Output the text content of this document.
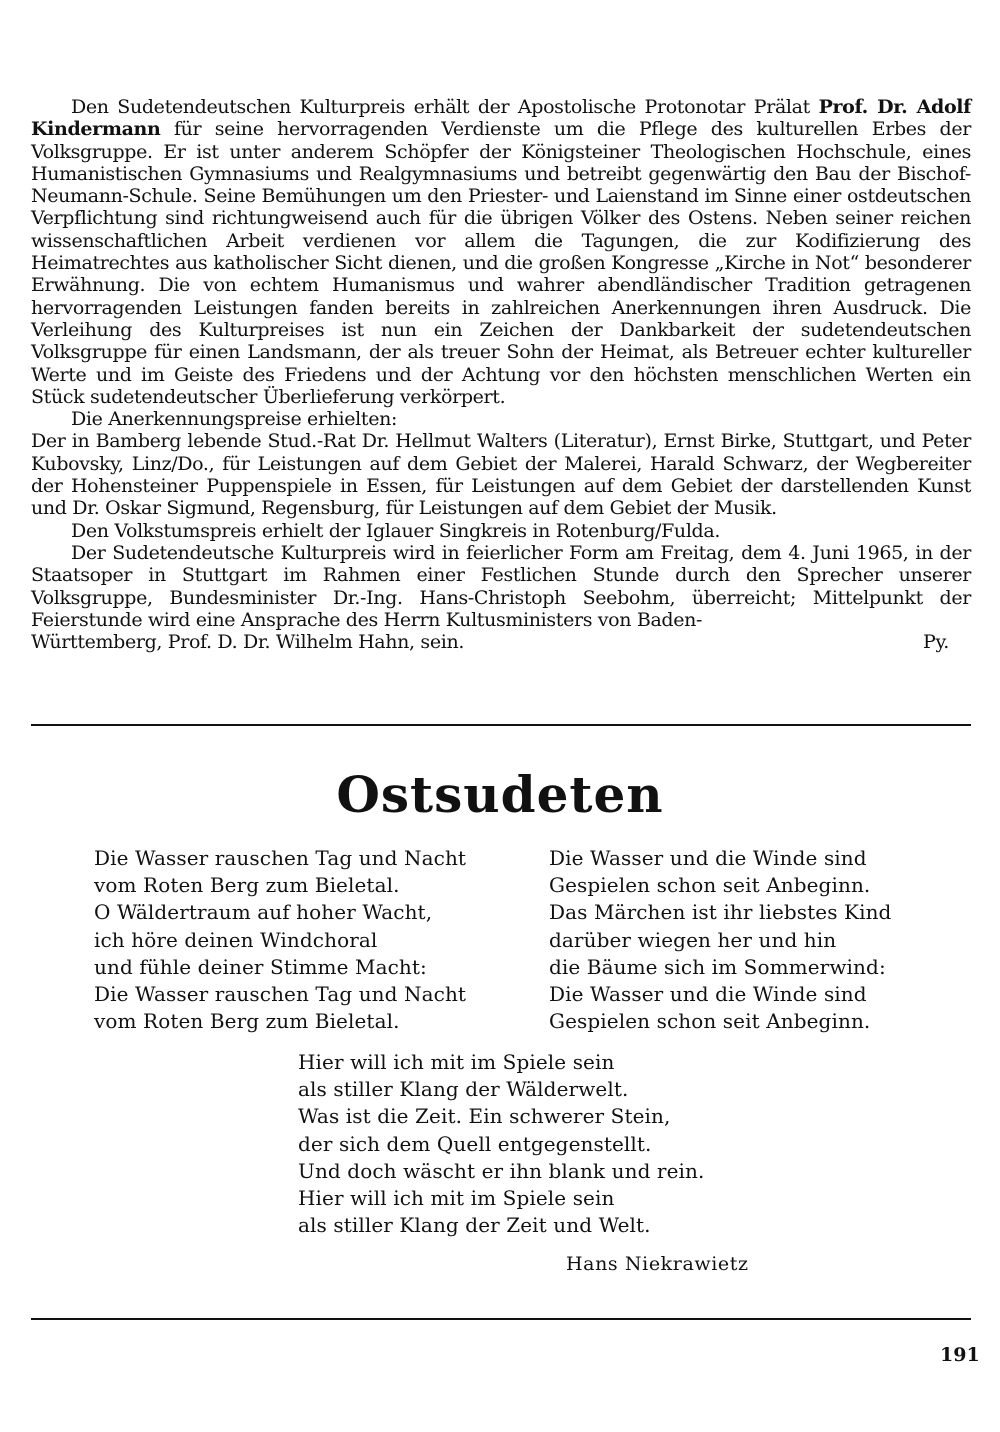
Den Sudetendeutschen Kulturpreis erhält der Apostolische Protonotar Prälat Prof. Dr. Adolf Kindermann für seine hervorragenden Verdienste um die Pflege des kulturellen Erbes der Volksgruppe. Er ist unter anderem Schöpfer der Königsteiner Theologischen Hochschule, eines Humanistischen Gymnasiums und Realgymnasiums und betreibt gegenwärtig den Bau der Bischof-Neumann-Schule. Seine Bemühungen um den Priester- und Laienstand im Sinne einer ostdeutschen Verpflichtung sind richtungweisend auch für die übrigen Völker des Ostens. Neben seiner reichen wissenschaftlichen Arbeit verdienen vor allem die Tagungen, die zur Kodifizierung des Heimatrechtes aus katholischer Sicht dienen, und die großen Kongresse „Kirche in Not“ besonderer Erwähnung. Die von echtem Humanismus und wahrer abendländischer Tradition getragenen hervorragenden Leistungen fanden bereits in zahlreichen Anerkennungen ihren Ausdruck. Die Verleihung des Kulturpreises ist nun ein Zeichen der Dankbarkeit der sudetendeutschen Volksgruppe für einen Landsmann, der als treuer Sohn der Heimat, als Betreuer echter kultureller Werte und im Geiste des Friedens und der Achtung vor den höchsten menschlichen Werten ein Stück sudetendeutscher Überlieferung verkörpert.

Die Anerkennungspreise erhielten:

Der in Bamberg lebende Stud.-Rat Dr. Hellmut Walters (Literatur), Ernst Birke, Stuttgart, und Peter Kubovsky, Linz/Do., für Leistungen auf dem Gebiet der Malerei, Harald Schwarz, der Wegbereiter der Hohensteiner Puppenspiele in Essen, für Leistungen auf dem Gebiet der darstellenden Kunst und Dr. Oskar Sigmund, Regensburg, für Leistungen auf dem Gebiet der Musik.

Den Volkstumspreis erhielt der Iglauer Singkreis in Rotenburg/Fulda.

Der Sudetendeutsche Kulturpreis wird in feierlicher Form am Freitag, dem 4. Juni 1965, in der Staatsoper in Stuttgart im Rahmen einer Festlichen Stunde durch den Sprecher unserer Volksgruppe, Bundesminister Dr.-Ing. Hans-Christoph Seebohm, überreicht; Mittelpunkt der Feierstunde wird eine Ansprache des Herrn Kultusministers von Baden-

Württemberg, Prof. D. Dr. Wilhelm Hahn, sein.	Py.

Ostsudeten
Die Wasser rauschen Tag und Nacht
vom Roten Berg zum Bieletal.
O Wäldertraum auf hoher Wacht,
ich höre deinen Windchoral
und fühle deiner Stimme Macht:
Die Wasser rauschen Tag und Nacht
vom Roten Berg zum Bieletal.
Die Wasser und die Winde sind
Gespielen schon seit Anbeginn.
Das Märchen ist ihr liebstes Kind
darüber wiegen her und hin
die Bäume sich im Sommerwind:
Die Wasser und die Winde sind
Gespielen schon seit Anbeginn.
Hier will ich mit im Spiele sein
als stiller Klang der Wälderwelt.
Was ist die Zeit. Ein schwerer Stein,
der sich dem Quell entgegenstellt.
Und doch wäscht er ihn blank und rein.
Hier will ich mit im Spiele sein
als stiller Klang der Zeit und Welt.
Hans Niekrawietz
191
